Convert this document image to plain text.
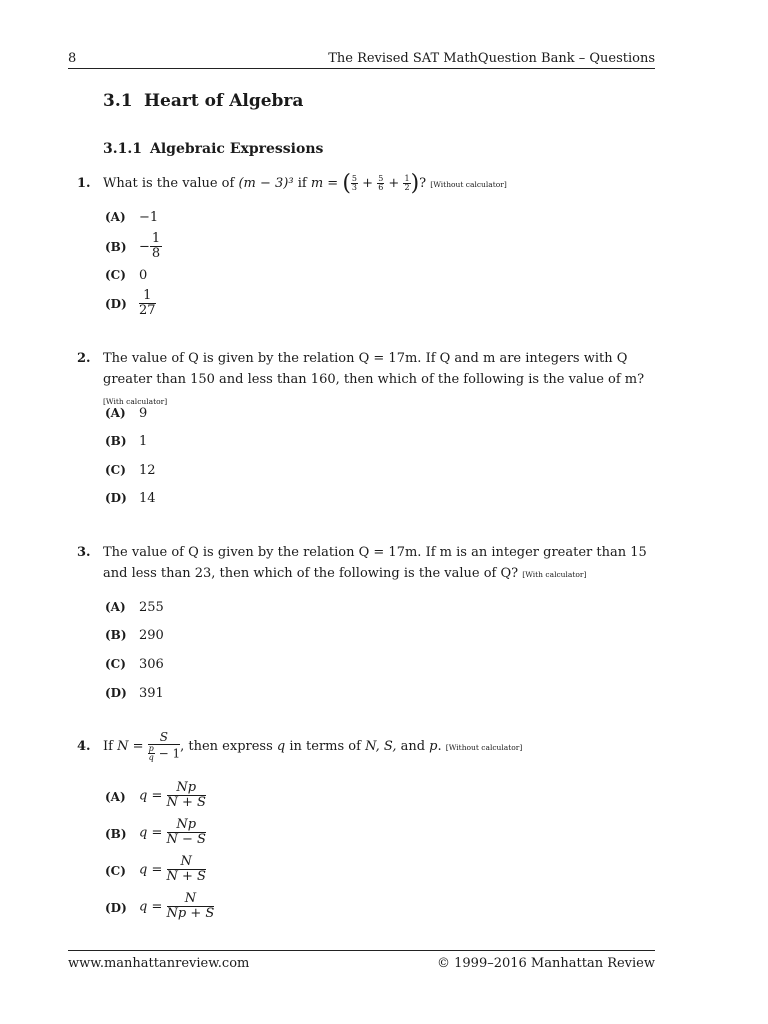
8	The Revised SAT MathQuestion Bank – Questions
3.1 Heart of Algebra
3.1.1 Algebraic Expressions
1. What is the value of (m − 3)³ if m = ( $\frac{5}{3} + \frac{5}{6} + \frac{1}{2}$ )? [Without calculator]
(A) −1
$(B) - \frac{1}{8}$
(C) 0
$(D) \frac{1}{27}$
2. The value of Q is given by the relation Q = 17m. If Q and m are integers with Q greater than 150 and less than 160, then which of the following is the value of m? [With calculator]
(A) 9
(B) 1
(C) 12
(D) 14
3. The value of Q is given by the relation Q = 17m. If m is an integer greater than 15 and less than 23, then which of the following is the value of Q? [With calculator]
(A) 255
(B) 290
(C) 306
(D) 391
4. If $N = \frac{S}{\frac{p}{q} - 1}$ , then express q in terms of N, S, and p. [Without calculator]
(A) $q = \frac{Np}{N + S}$
(B) $q = \frac{Np}{N - S}$
(C) $q = \frac{N}{N + S}$
(D) $q = \frac{N}{Np + S}$
www.manhattanreview.com	© 1999–2016 Manhattan Review
